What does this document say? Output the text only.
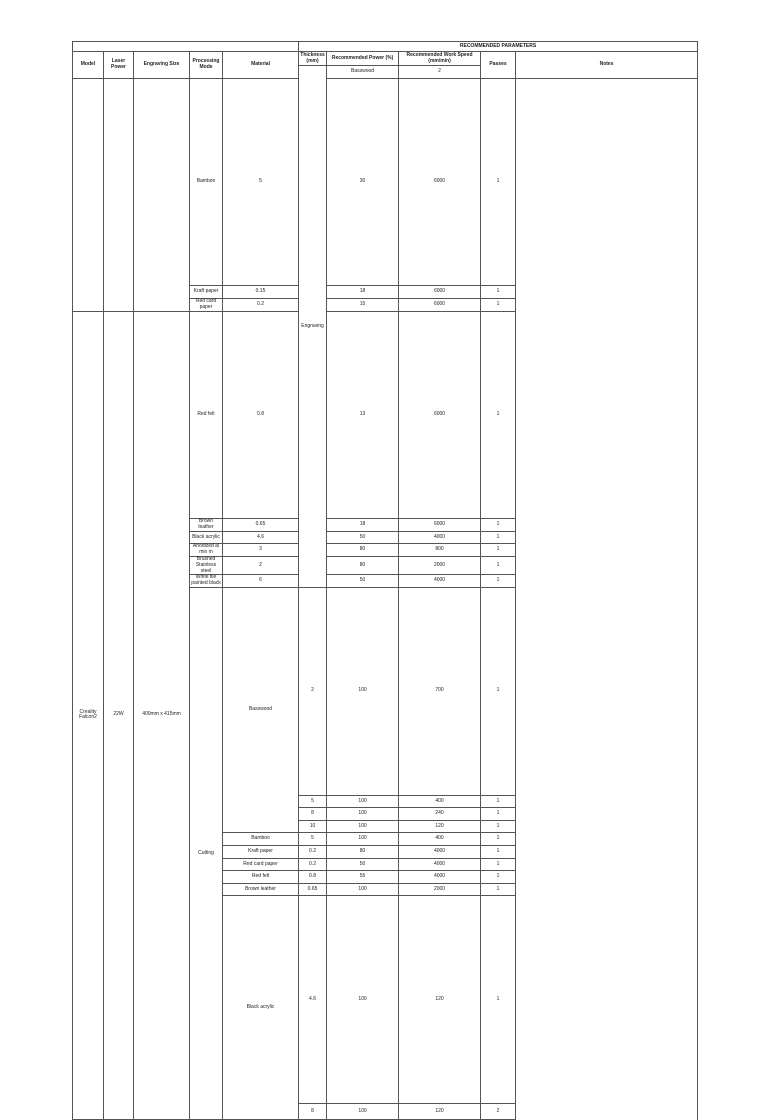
					RECOMMENDED PARAMETERS					
Model	Laser Power	Engraving Size	Processing Mode	Material	Thickness (mm)	Recommended Power (%)	Recommended Work Speed (mm/min)	Passes	Notes	
					Engraving	Basswood	2				

			Bamboo	5		30	6000	1		
			Kraft paper	0.15		18	6000	1		
			Red card paper	0.2		15	6000	1		
Creality Falcon2	22W	400mm x 415mm	Red felt	0.8		13	6000	1		
			Brown leather	0.65		18	6000	1		
			Black acrylic	4.6		50	4000	1		
			Anodized al min m	3		80	800	1		
			Brushed Stainless steel	2		80	2000	1		
			White tile painted black	6		50	4000	1		
			Cutting	Basswood	2	100	700	1		
					5	100	400	1		
					8	100	240	1		
					10	100	120	1		
				Bamboo	5	100	400	1		
				Kraft paper	0.2	80	4000	1		
				Red card paper	0.2	50	4000	1		
				Red felt	0.8	55	4000	1		
				Brown leather	0.65	100	2000	1		
				Black acrylic	4.6	100	120	1		
					8	100	120	2		
